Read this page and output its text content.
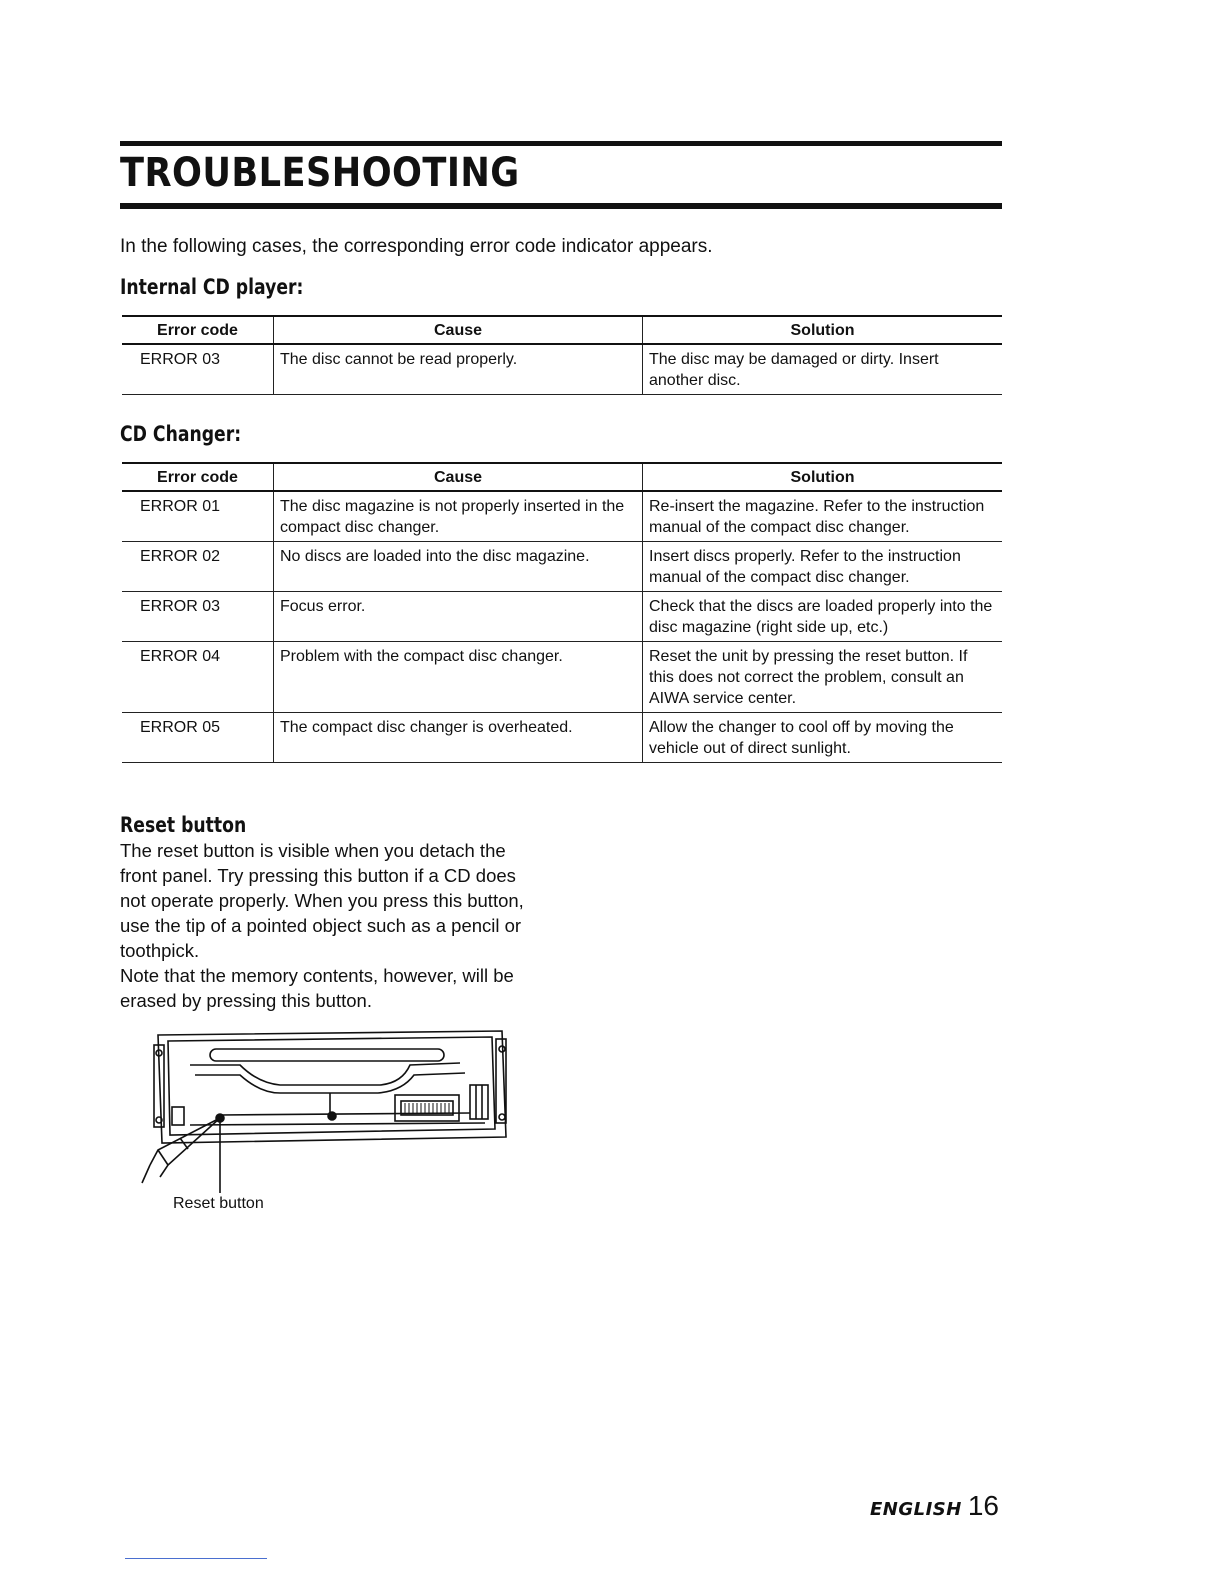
TROUBLESHOOTING

In the following cases, the corresponding error code indicator appears.

Internal CD player:
Error code	Cause	Solution
ERROR 03	The disc cannot be read properly.	The disc may be damaged or dirty. Insert another disc.
CD Changer:
Error code	Cause	Solution
ERROR 01	The disc magazine is not properly inserted in the compact disc changer.	Re-insert the magazine. Refer to the instruction manual of the compact disc changer.
ERROR 02	No discs are loaded into the disc magazine.	Insert discs properly. Refer to the instruction manual of the compact disc changer.
ERROR 03	Focus error.	Check that the discs are loaded properly into the disc magazine (right side up, etc.)
ERROR 04	Problem with the compact disc changer.	Reset the unit by pressing the reset button. If this does not correct the problem, consult an AIWA service center.
ERROR 05	The compact disc changer is overheated.	Allow the changer to cool off by moving the vehicle out of direct sunlight.
Reset button

The reset button is visible when you detach the front panel. Try pressing this button if a CD does not operate properly. When you press this button, use the tip of a pointed object such as a pencil or toothpick.

Note that the memory contents, however, will be erased by pressing this button.

Reset button
ENGLISH 16
